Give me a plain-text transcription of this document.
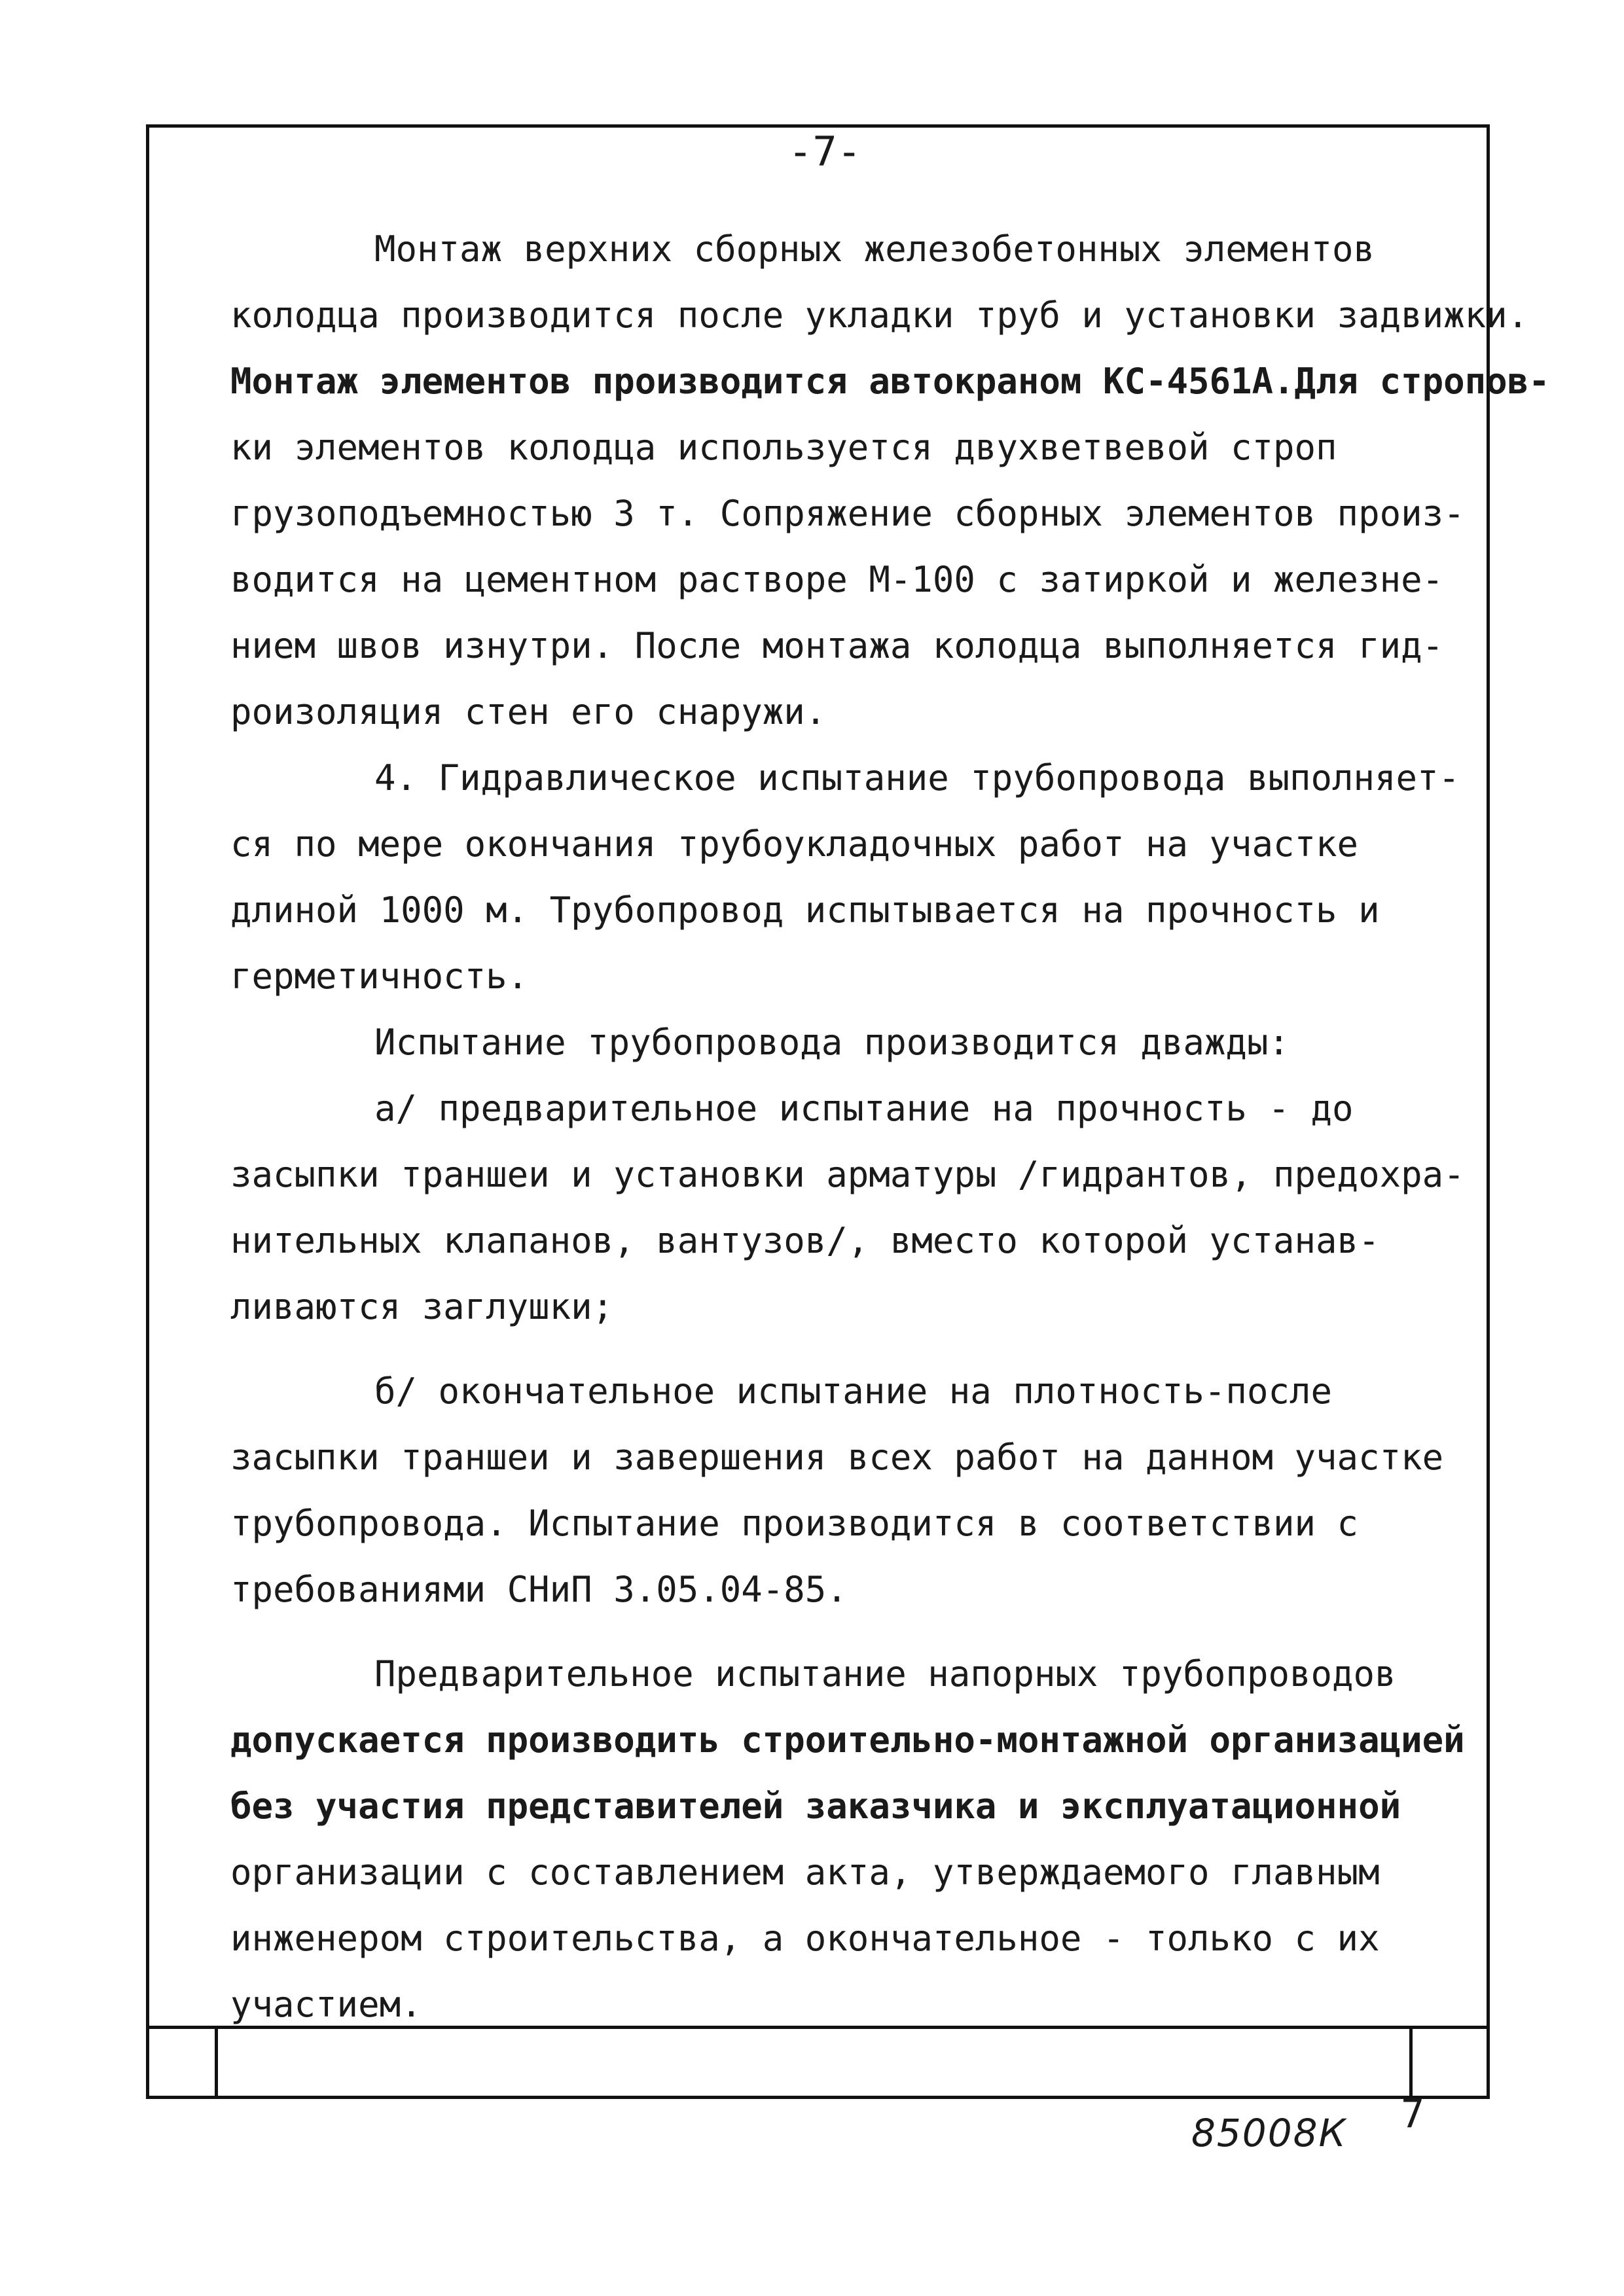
-7-
Монтаж верхних сборных железобетонных элементов
колодца производится после укладки труб и установки задвижки.
Монтаж элементов производится автокраном КС-4561А.Для стропов-
ки элементов колодца используется двухветвевой строп
грузоподъемностью 3 т. Сопряжение сборных элементов произ-
водится на цементном растворе М-100 с затиркой и железне-
нием швов изнутри. После монтажа колодца выполняется гид-
роизоляция стен его снаружи.
4. Гидравлическое испытание трубопровода выполняет-
ся по мере окончания трубоукладочных работ на участке
длиной 1000 м. Трубопровод испытывается на прочность и
герметичность.
Испытание трубопровода производится дважды:
а/ предварительное испытание на прочность - до
засыпки траншеи и установки арматуры /гидрантов, предохра-
нительных клапанов, вантузов/, вместо которой устанав-
ливаются заглушки;
б/ окончательное испытание на плотность-после
засыпки траншеи и завершения всех работ на данном участке
трубопровода. Испытание производится в соответствии с
требованиями СНиП 3.05.04-85.
Предварительное испытание напорных трубопроводов
допускается производить строительно-монтажной организацией
без участия представителей заказчика и эксплуатационной
организации с составлением акта, утверждаемого главным
инженером строительства, а окончательное - только с их
участием.
7
85008К
